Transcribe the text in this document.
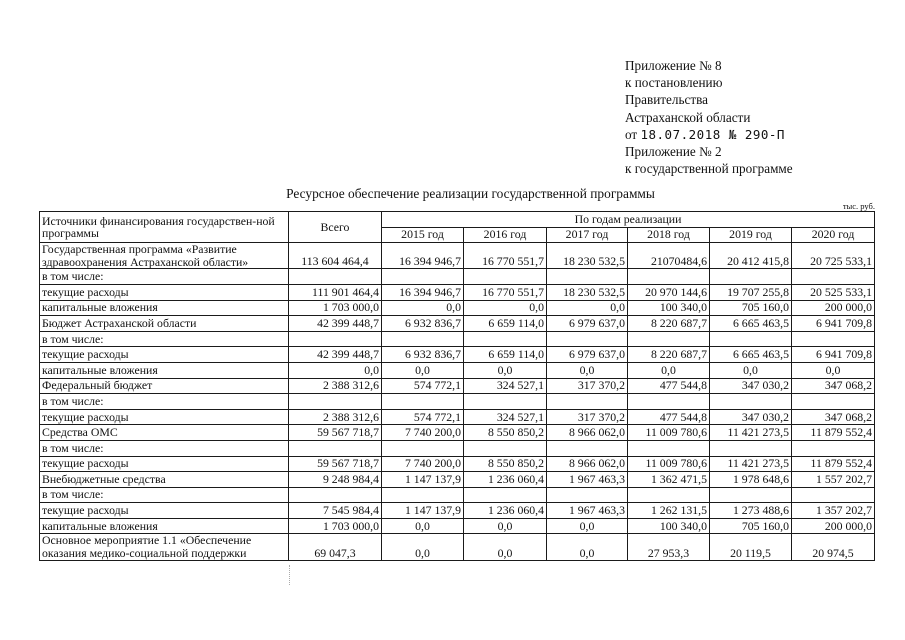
Приложение № 8
к постановлению
Правительства
Астраханской области
от 18.07.2018 № 290-П
Приложение № 2
к государственной программе
Ресурсное обеспечение реализации государственной программы
тыс. руб.
Источники финансирования государствен-ной программы	Всего	По годам реализации					
		2015 год	2016 год	2017 год	2018 год	2019 год	2020 год
Государственная программа «Развитие здравоохранения Астраханской области»	113 604 464,4	16 394 946,7	16 770 551,7	18 230 532,5	21070484,6	20 412 415,8	20 725 533,1
в том числе:							
текущие расходы	111 901 464,4	16 394 946,7	16 770 551,7	18 230 532,5	20 970 144,6	19 707 255,8	20 525 533,1
капитальные вложения	1 703 000,0	0,0	0,0	0,0	100 340,0	705 160,0	200 000,0
Бюджет Астраханской области	42 399 448,7	6 932 836,7	6 659 114,0	6 979 637,0	8 220 687,7	6 665 463,5	6 941 709,8
в том числе:							
текущие расходы	42 399 448,7	6 932 836,7	6 659 114,0	6 979 637,0	8 220 687,7	6 665 463,5	6 941 709,8
капитальные вложения	0,0	0,0	0,0	0,0	0,0	0,0	0,0
Федеральный бюджет	2 388 312,6	574 772,1	324 527,1	317 370,2	477 544,8	347 030,2	347 068,2
в том числе:							
текущие расходы	2 388 312,6	574 772,1	324 527,1	317 370,2	477 544,8	347 030,2	347 068,2
Средства ОМС	59 567 718,7	7 740 200,0	8 550 850,2	8 966 062,0	11 009 780,6	11 421 273,5	11 879 552,4
в том числе:							
текущие расходы	59 567 718,7	7 740 200,0	8 550 850,2	8 966 062,0	11 009 780,6	11 421 273,5	11 879 552,4
Внебюджетные средства	9 248 984,4	1 147 137,9	1 236 060,4	1 967 463,3	1 362 471,5	1 978 648,6	1 557 202,7
в том числе:							
текущие расходы	7 545 984,4	1 147 137,9	1 236 060,4	1 967 463,3	1 262 131,5	1 273 488,6	1 357 202,7
капитальные вложения	1 703 000,0	0,0	0,0	0,0	100 340,0	705 160,0	200 000,0
Основное мероприятие 1.1 «Обеспечение оказания медико-социальной поддержки	69 047,3	0,0	0,0	0,0	27 953,3	20 119,5	20 974,5
